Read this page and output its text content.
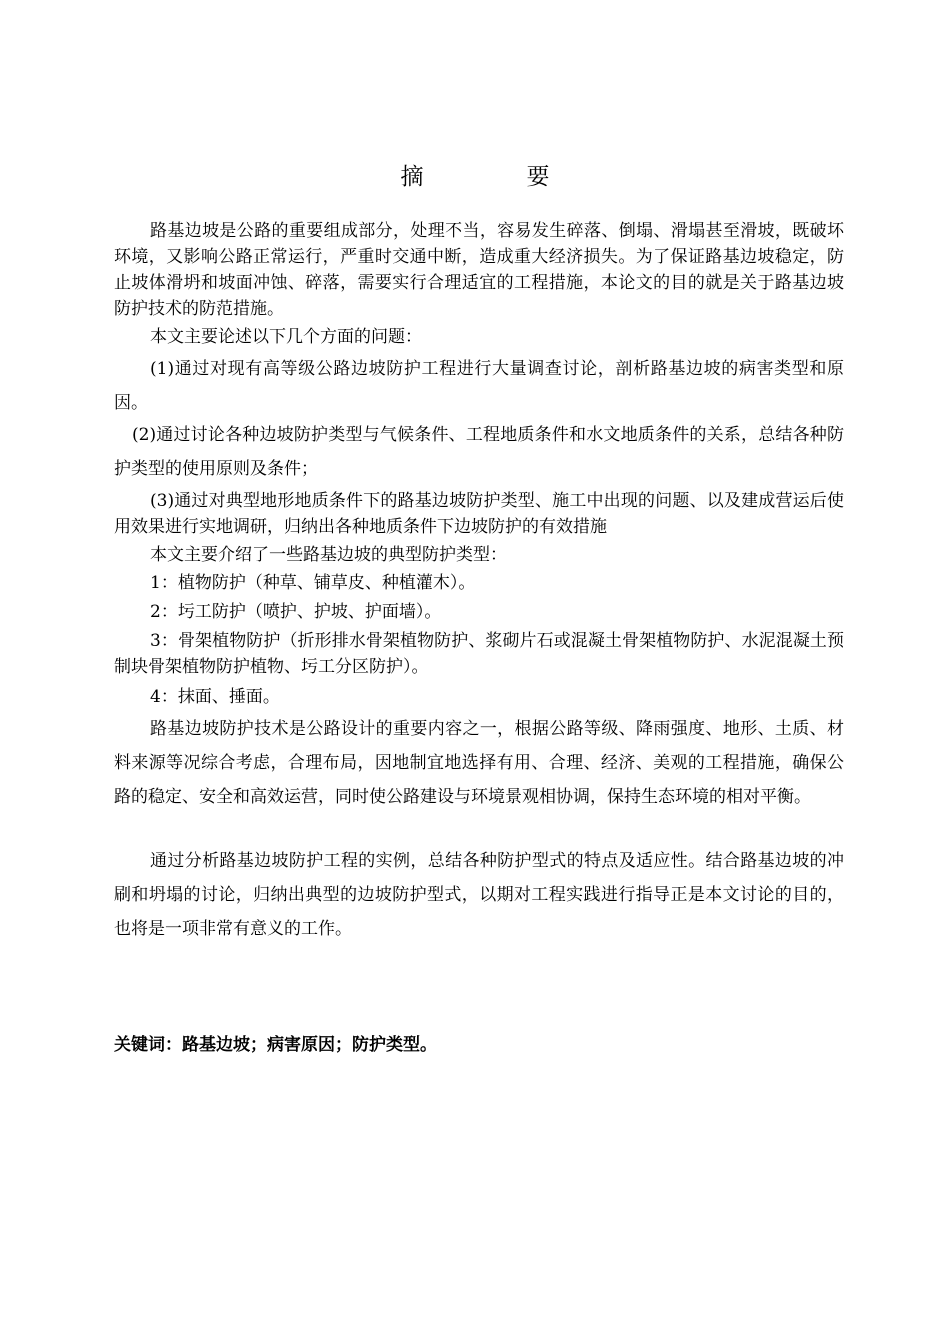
摘　要

路基边坡是公路的重要组成部分，处理不当，容易发生碎落、倒塌、滑塌甚至滑坡，既破坏环境，又影响公路正常运行，严重时交通中断，造成重大经济损失。为了保证路基边坡稳定，防止坡体滑坍和坡面冲蚀、碎落，需要实行合理适宜的工程措施，本论文的目的就是关于路基边坡防护技术的防范措施。

本文主要论述以下几个方面的问题：

(1)通过对现有高等级公路边坡防护工程进行大量调查讨论，剖析路基边坡的病害类型和原因。

(2)通过讨论各种边坡防护类型与气候条件、工程地质条件和水文地质条件的关系，总结各种防护类型的使用原则及条件；

(3)通过对典型地形地质条件下的路基边坡防护类型、施工中出现的问题、以及建成营运后使用效果进行实地调研，归纳出各种地质条件下边坡防护的有效措施

本文主要介绍了一些路基边坡的典型防护类型：

1：植物防护（种草、铺草皮、种植灌木）。

2：圬工防护（喷护、护坡、护面墙）。

3：骨架植物防护（折形排水骨架植物防护、浆砌片石或混凝土骨架植物防护、水泥混凝土预制块骨架植物防护植物、圬工分区防护）。

4：抹面、捶面。

路基边坡防护技术是公路设计的重要内容之一，根据公路等级、降雨强度、地形、土质、材料来源等况综合考虑，合理布局，因地制宜地选择有用、合理、经济、美观的工程措施，确保公路的稳定、安全和高效运营，同时使公路建设与环境景观相协调，保持生态环境的相对平衡。

通过分析路基边坡防护工程的实例，总结各种防护型式的特点及适应性。结合路基边坡的冲刷和坍塌的讨论，归纳出典型的边坡防护型式，以期对工程实践进行指导正是本文讨论的目的，也将是一项非常有意义的工作。

关键词：路基边坡；病害原因；防护类型。
